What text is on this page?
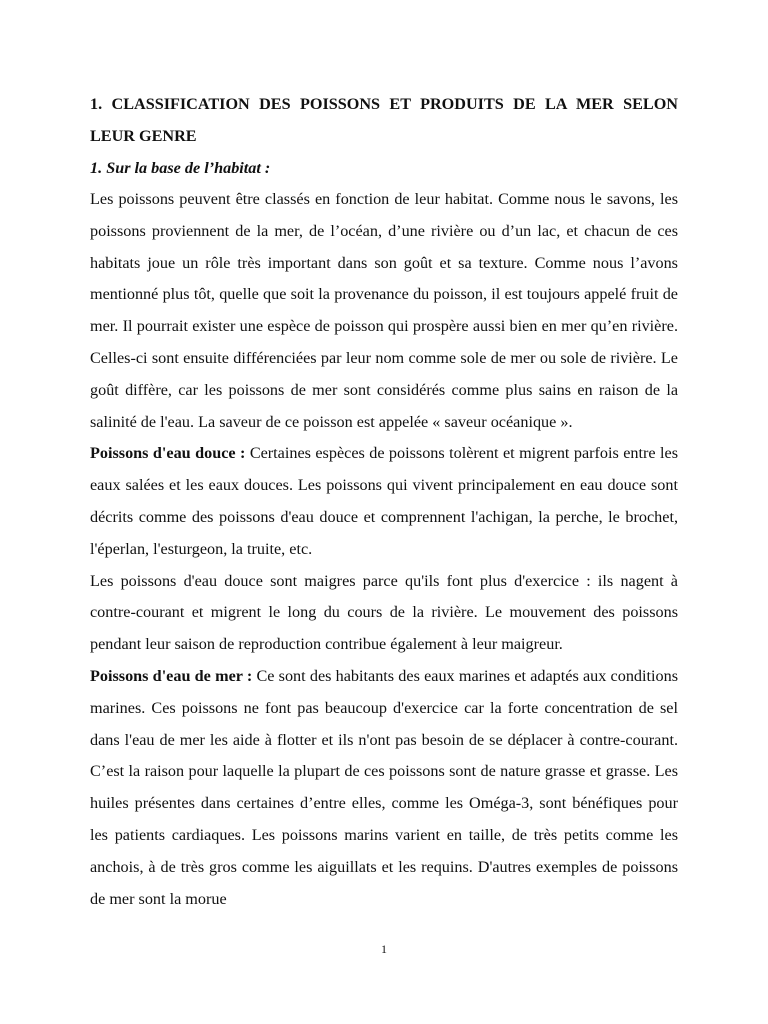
1. CLASSIFICATION DES POISSONS ET PRODUITS DE LA MER SELON LEUR GENRE

1. Sur la base de l’habitat :

Les poissons peuvent être classés en fonction de leur habitat. Comme nous le savons, les poissons proviennent de la mer, de l’océan, d’une rivière ou d’un lac, et chacun de ces habitats joue un rôle très important dans son goût et sa texture. Comme nous l’avons mentionné plus tôt, quelle que soit la provenance du poisson, il est toujours appelé fruit de mer. Il pourrait exister une espèce de poisson qui prospère aussi bien en mer qu’en rivière. Celles-ci sont ensuite différenciées par leur nom comme sole de mer ou sole de rivière. Le goût diffère, car les poissons de mer sont considérés comme plus sains en raison de la salinité de l'eau. La saveur de ce poisson est appelée « saveur océanique ».

Poissons d'eau douce : Certaines espèces de poissons tolèrent et migrent parfois entre les eaux salées et les eaux douces. Les poissons qui vivent principalement en eau douce sont décrits comme des poissons d'eau douce et comprennent l'achigan, la perche, le brochet, l'éperlan, l'esturgeon, la truite, etc.

Les poissons d'eau douce sont maigres parce qu'ils font plus d'exercice : ils nagent à contre-courant et migrent le long du cours de la rivière. Le mouvement des poissons pendant leur saison de reproduction contribue également à leur maigreur.

Poissons d'eau de mer : Ce sont des habitants des eaux marines et adaptés aux conditions marines. Ces poissons ne font pas beaucoup d'exercice car la forte concentration de sel dans l'eau de mer les aide à flotter et ils n'ont pas besoin de se déplacer à contre-courant. C’est la raison pour laquelle la plupart de ces poissons sont de nature grasse et grasse. Les huiles présentes dans certaines d’entre elles, comme les Oméga-3, sont bénéfiques pour les patients cardiaques. Les poissons marins varient en taille, de très petits comme les anchois, à de très gros comme les aiguillats et les requins. D'autres exemples de poissons de mer sont la morue

1
